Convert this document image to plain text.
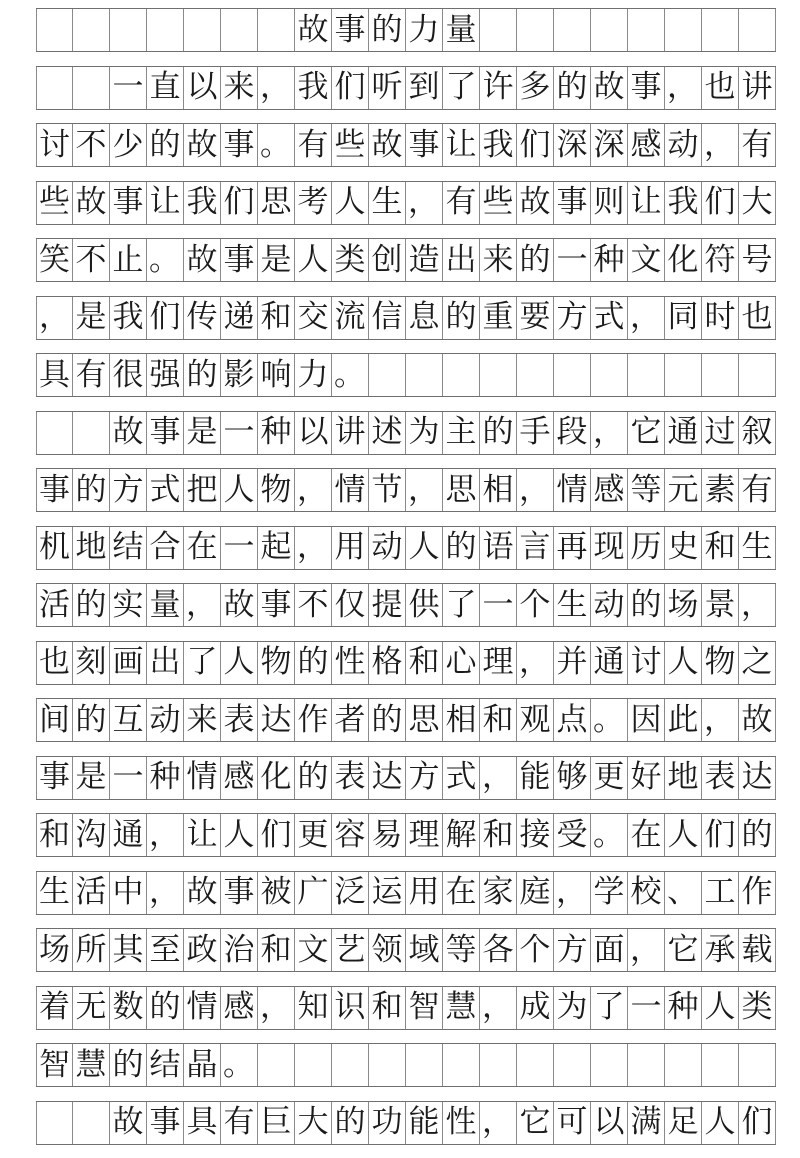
故 事 的 力 量
一 直 以 来 ， 我 们 听 到 了 许 多 的 故 事 ， 也 讲
讨 不 少 的 故 事 。 有 些 故 事 让 我 们 深 深 感 动 ， 有
些 故 事 让 我 们 思 考 人 生 ， 有 些 故 事 则 让 我 们 大
笑 不 止 。 故 事 是 人 类 创 造 出 来 的 一 种 文 化 符 号
， 是 我 们 传 递 和 交 流 信 息 的 重 要 方 式 ， 同 时 也
具 有 很 强 的 影 响 力 。
故 事 是 一 种 以 讲 述 为 主 的 手 段 ， 它 通 过 叙
事 的 方 式 把 人 物 ， 情 节 ， 思 相 ， 情 感 等 元 素 有
机 地 结 合 在 一 起 ， 用 动 人 的 语 言 再 现 历 史 和 生
活 的 实 量 ， 故 事 不 仅 提 供 了 一 个 生 动 的 场 景 ，
也 刻 画 出 了 人 物 的 性 格 和 心 理 ， 并 通 讨 人 物 之
间 的 互 动 来 表 达 作 者 的 思 相 和 观 点 。 因 此 ， 故
事 是 一 种 情 感 化 的 表 达 方 式 ， 能 够 更 好 地 表 达
和 沟 通 ， 让 人 们 更 容 易 理 解 和 接 受 。 在 人 们 的
生 活 中 ， 故 事 被 广 泛 运 用 在 家 庭 ， 学 校 、 工 作
场 所 其 至 政 治 和 文 艺 领 域 等 各 个 方 面 ， 它 承 载
着 无 数 的 情 感 ， 知 识 和 智 慧 ， 成 为 了 一 种 人 类
智 慧 的 结 晶 。
故 事 具 有 巨 大 的 功 能 性 ， 它 可 以 满 足 人 们
